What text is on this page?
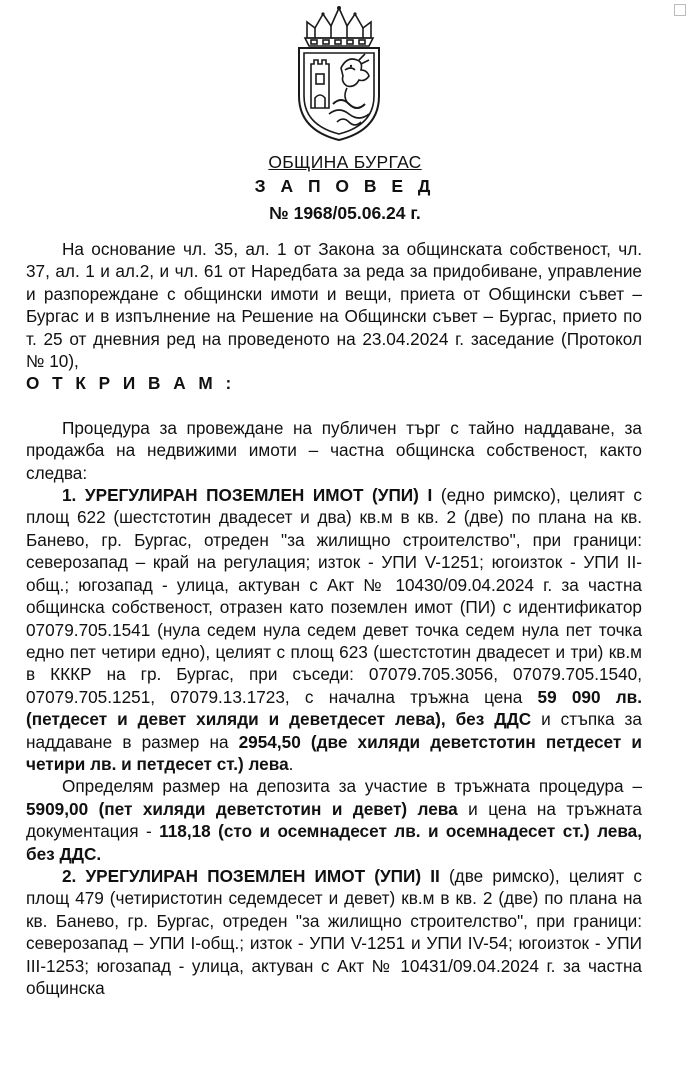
ОБЩИНА БУРГАС
З А П О В Е Д
№ 1968/05.06.24 г.

На основание чл. 35, ал. 1 от Закона за общинската собственост, чл. 37, ал. 1 и ал.2, и чл. 61 от Наредбата за реда за придобиване, управление и разпореждане с общински имоти и вещи, приета от Общински съвет – Бургас и в изпълнение на Решение на Общински съвет – Бургас, прието по т. 25 от дневния ред на проведеното на 23.04.2024 г. заседание (Протокол № 10),

О Т К Р И В А М :

Процедура за провеждане на публичен търг с тайно наддаване, за продажба на недвижими имоти – частна общинска собственост, както следва:

1. УРЕГУЛИРАН ПОЗЕМЛЕН ИМОТ (УПИ) I (едно римско), целият с площ 622 (шестстотин двадесет и два) кв.м в кв. 2 (две) по плана на кв. Банево, гр. Бургас, отреден "за жилищно строителство", при граници: северозапад – край на регулация; изток - УПИ V-1251; югоизток - УПИ II-общ.; югозапад - улица, актуван с Акт № 10430/09.04.2024 г. за частна общинска собственост, отразен като поземлен имот (ПИ) с идентификатор 07079.705.1541 (нула седем нула седем девет точка седем нула пет точка едно пет четири едно), целият с площ 623 (шестстотин двадесет и три) кв.м в КККР на гр. Бургас, при съседи: 07079.705.3056, 07079.705.1540, 07079.705.1251, 07079.13.1723, с начална тръжна цена 59 090 лв. (петдесет и девет хиляди и деветдесет лева), без ДДС и стъпка за наддаване в размер на 2954,50 (две хиляди деветстотин петдесет и четири лв. и петдесет ст.) лева.

Определям размер на депозита за участие в тръжната процедура – 5909,00 (пет хиляди деветстотин и девет) лева и цена на тръжната документация - 118,18 (сто и осемнадесет лв. и осемнадесет ст.) лева, без ДДС.

2. УРЕГУЛИРАН ПОЗЕМЛЕН ИМОТ (УПИ) II (две римско), целият с площ 479 (четиристотин седемдесет и девет) кв.м в кв. 2 (две) по плана на кв. Банево, гр. Бургас, отреден "за жилищно строителство", при граници: северозапад – УПИ I-общ.; изток - УПИ V-1251 и УПИ IV-54; югоизток - УПИ III-1253; югозапад - улица, актуван с Акт № 10431/09.04.2024 г. за частна общинска
